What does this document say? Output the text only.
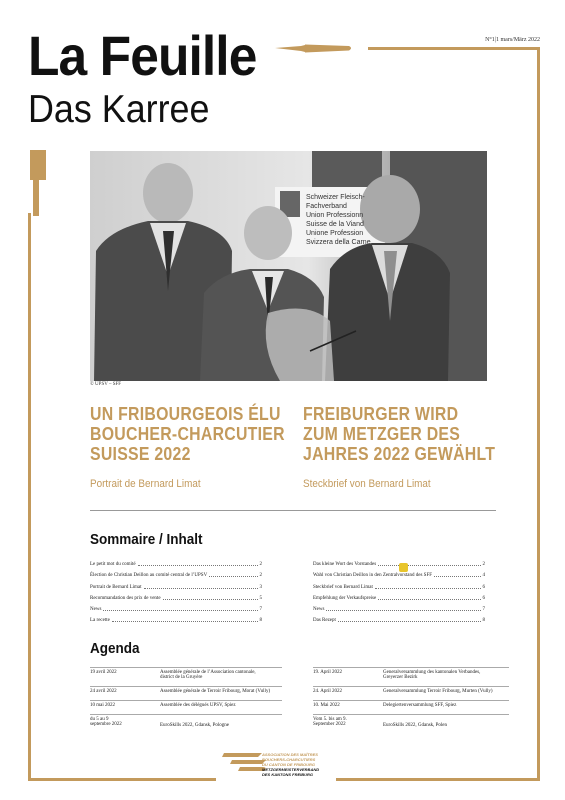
La Feuille
Das Karree
N°1|1 mars/März 2022
Schweizer Fleisch-
Fachverband
Union Professionn
Suisse de la Viand
Unione Profession
Svizzera della Carne
© UPSV – SFF
UN FRIBOURGEOIS ÉLU
BOUCHER-CHARCUTIER
SUISSE 2022
FREIBURGER WIRD
ZUM METZGER DES
JAHRES 2022 GEWÄHLT
Portrait de Bernard Limat	Steckbrief von Bernard Limat
Sommaire / Inhalt
Le petit mot du comité	2
Élection de Christian Deillon au comité central de l’UPSV	2
Portrait de Bernard Limat	3
Recommandation des prix de vente	5
News	7
La recette	8
Das kleine Wort des Vorstandes	2
Wahl von Christian Deillon in den Zentralvorstand des SFF	4
Steckbrief von Bernard Limat	6
Empfehlung der Verkaufspreise	6
News	7
Das Rezept	8
Agenda
19 avril 2022	Assemblée générale de l’Association cantonale,
district de la Gruyère
24 avril 2022	Assemblée générale de Terroir Fribourg, Morat (Vully)
10 mai 2022	Assemblée des délégués UPSV, Spiez
du 5 au 9
septembre 2022	EuroSkills 2022, Gdansk, Pologne
19. April 2022	Generalversammlung des kantonalen Verbandes,
Greyerzer Bezirk
24. April 2022	Generalversammlung Terroir Fribourg, Murten (Vully)
10. Mai 2022	Delegiertenversammlung SFF, Spiez
Vom 5. bis am 9.
September 2022	EuroSkills 2022, Gdansk, Polen
ASSOCIATION DES MAÎTRES
BOUCHERS-CHARCUTIERS
DU CANTON DE FRIBOURG
METZGERMEISTERVERBAND
DES KANTONS FREIBURG
